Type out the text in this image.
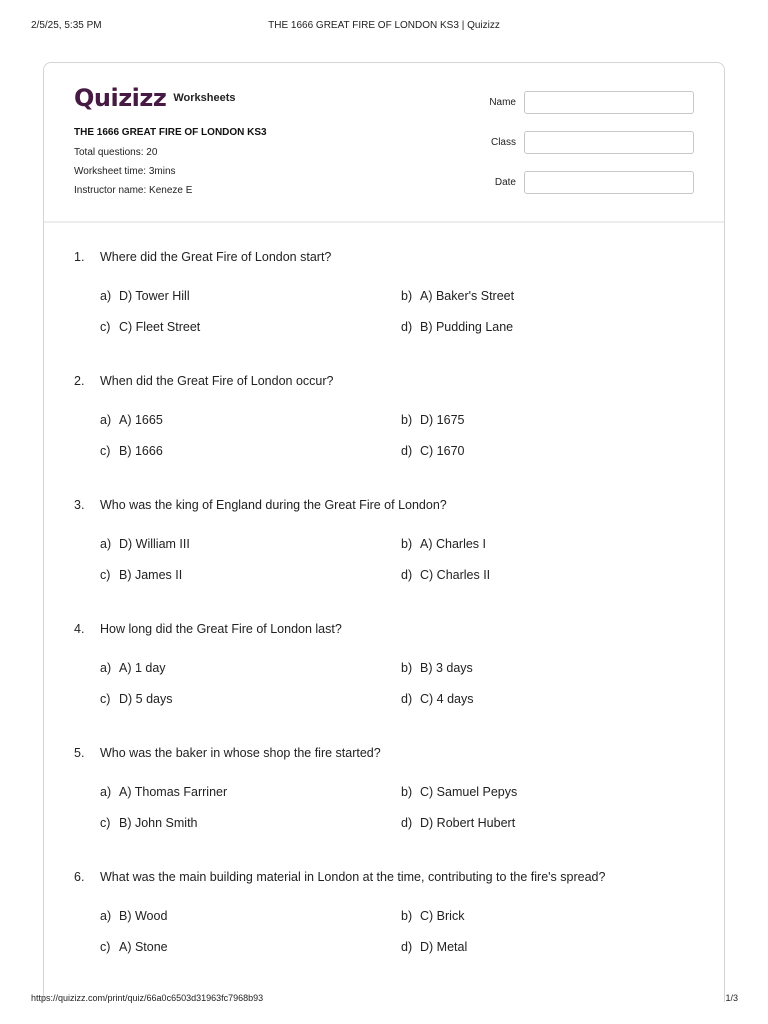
2/5/25, 5:35 PM	THE 1666 GREAT FIRE OF LONDON KS3 | Quizizz
Quizizz Worksheets
THE 1666 GREAT FIRE OF LONDON KS3
Total questions: 20
Worksheet time: 3mins
Instructor name: Keneze E
Name
Class
Date
1. Where did the Great Fire of London start?
a) D) Tower Hill	b) A) Baker's Street
c) C) Fleet Street	d) B) Pudding Lane
2. When did the Great Fire of London occur?
a) A) 1665	b) D) 1675
c) B) 1666	d) C) 1670
3. Who was the king of England during the Great Fire of London?
a) D) William III	b) A) Charles I
c) B) James II	d) C) Charles II
4. How long did the Great Fire of London last?
a) A) 1 day	b) B) 3 days
c) D) 5 days	d) C) 4 days
5. Who was the baker in whose shop the fire started?
a) A) Thomas Farriner	b) C) Samuel Pepys
c) B) John Smith	d) D) Robert Hubert
6. What was the main building material in London at the time, contributing to the fire's spread?
a) B) Wood	b) C) Brick
c) A) Stone	d) D) Metal
https://quizizz.com/print/quiz/66a0c6503d31963fc7968b93	1/3
